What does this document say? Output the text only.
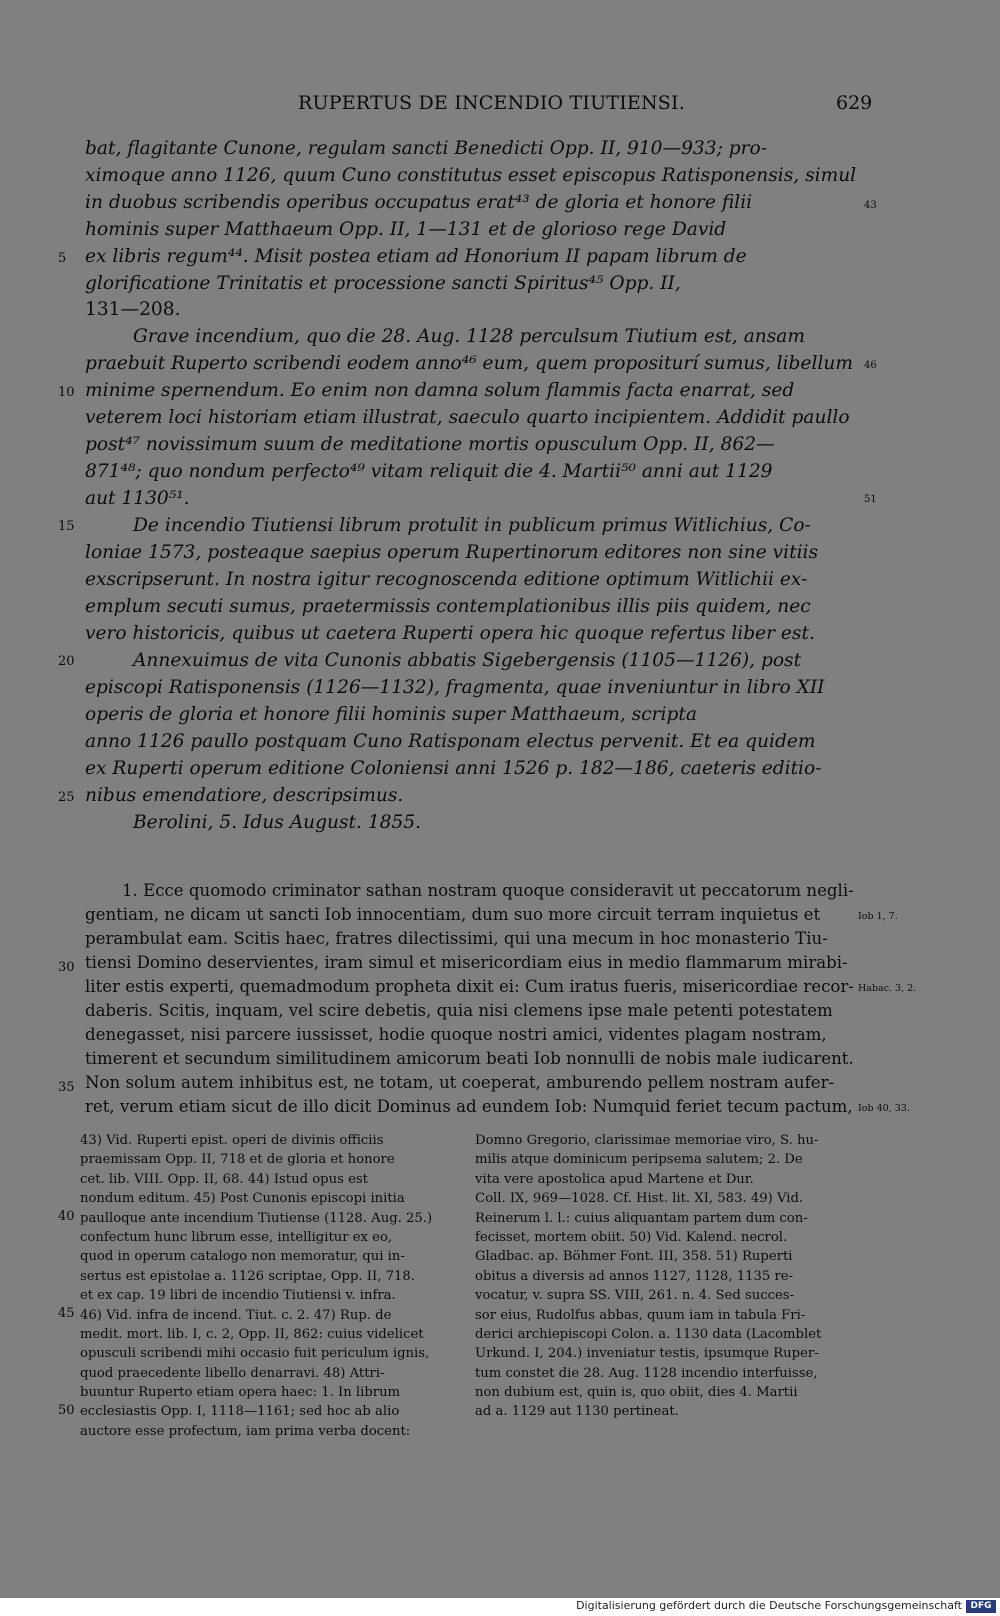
RUPERTUS DE INCENDIO TIUTIENSI.	629
bat, flagitante Cunone, regulam sancti Benedicti Opp. II, 910—933; pro-
ximoque anno 1126, quum Cuno constitutus esset episcopus Ratisponensis, simul
in duobus scribendis operibus occupatus erat⁴³ de gloria et honore filii
hominis super Matthaeum Opp. II, 1—131 et de glorioso rege David
ex libris regum⁴⁴. Misit postea etiam ad Honorium II papam librum de
glorificatione Trinitatis et processione sancti Spiritus⁴⁵ Opp. II,
131—208.
Grave incendium, quo die 28. Aug. 1128 perculsum Tiutium est, ansam
praebuit Ruperto scribendi eodem anno⁴⁶ eum, quem propositurí sumus, libellum
minime spernendum. Eo enim non damna solum flammis facta enarrat, sed
veterem loci historiam etiam illustrat, saeculo quarto incipientem. Addidit paullo
post⁴⁷ novissimum suum de meditatione mortis opusculum Opp. II, 862—
871⁴⁸; quo nondum perfecto⁴⁹ vitam reliquit die 4. Martii⁵⁰ anni aut 1129
aut 1130⁵¹.
De incendio Tiutiensi librum protulit in publicum primus Witlichius, Co-
loniae 1573, posteaque saepius operum Rupertinorum editores non sine vitiis
exscripserunt. In nostra igitur recognoscenda editione optimum Witlichii ex-
emplum secuti sumus, praetermissis contemplationibus illis piis quidem, nec
vero historicis, quibus ut caetera Ruperti opera hic quoque refertus liber est.
Annexuimus de vita Cunonis abbatis Sigebergensis (1105—1126), post
episcopi Ratisponensis (1126—1132), fragmenta, quae inveniuntur in libro XII
operis de gloria et honore filii hominis super Matthaeum, scripta
anno 1126 paullo postquam Cuno Ratisponam electus pervenit. Et ea quidem
ex Ruperti operum editione Coloniensi anni 1526 p. 182—186, caeteris editio-
nibus emendatiore, descripsimus.
Berolini, 5. Idus August. 1855.
5
10
15
20
25
43
46
51
1. Ecce quomodo criminator sathan nostram quoque consideravit ut peccatorum negli-
gentiam, ne dicam ut sancti Iob innocentiam, dum suo more circuit terram inquietus et
perambulat eam. Scitis haec, fratres dilectissimi, qui una mecum in hoc monasterio Tiu-
tiensi Domino deservientes, iram simul et misericordiam eius in medio flammarum mirabi-
liter estis experti, quemadmodum propheta dixit ei: Cum iratus fueris, misericordiae recor-
daberis. Scitis, inquam, vel scire debetis, quia nisi clemens ipse male petenti potestatem
denegasset, nisi parcere iussisset, hodie quoque nostri amici, videntes plagam nostram,
timerent et secundum similitudinem amicorum beati Iob nonnulli de nobis male iudicarent.
Non solum autem inhibitus est, ne totam, ut coeperat, amburendo pellem nostram aufer-
ret, verum etiam sicut de illo dicit Dominus ad eundem Iob: Numquid feriet tecum pactum,
30
35
Iob 1, 7.
Habac. 3, 2.
Iob 40, 33.
43) Vid. Ruperti epist. operi de divinis officiis
praemissam Opp. II, 718 et de gloria et honore
cet. lib. VIII. Opp. II, 68. 44) Istud opus est
nondum editum. 45) Post Cunonis episcopi initia
paulloque ante incendium Tiutiense (1128. Aug. 25.)
confectum hunc librum esse, intelligitur ex eo,
quod in operum catalogo non memoratur, qui in-
sertus est epistolae a. 1126 scriptae, Opp. II, 718.
et ex cap. 19 libri de incendio Tiutiensi v. infra.
46) Vid. infra de incend. Tiut. c. 2. 47) Rup. de
medit. mort. lib. I, c. 2, Opp. II, 862: cuius videlicet
opusculi scribendi mihi occasio fuit periculum ignis,
quod praecedente libello denarravi. 48) Attri-
buuntur Ruperto etiam opera haec: 1. In librum
ecclesiastis Opp. I, 1118—1161; sed hoc ab alio
auctore esse profectum, iam prima verba docent:
Domno Gregorio, clarissimae memoriae viro, S. hu-
milis atque dominicum peripsema salutem; 2. De
vita vere apostolica apud Martene et Dur.
Coll. IX, 969—1028. Cf. Hist. lit. XI, 583. 49) Vid.
Reinerum l. l.: cuius aliquantam partem dum con-
fecisset, mortem obiit. 50) Vid. Kalend. necrol.
Gladbac. ap. Böhmer Font. III, 358. 51) Ruperti
obitus a diversis ad annos 1127, 1128, 1135 re-
vocatur, v. supra SS. VIII, 261. n. 4. Sed succes-
sor eius, Rudolfus abbas, quum iam in tabula Fri-
derici archiepiscopi Colon. a. 1130 data (Lacomblet
Urkund. I, 204.) inveniatur testis, ipsumque Ruper-
tum constet die 28. Aug. 1128 incendio interfuisse,
non dubium est, quin is, quo obiit, dies 4. Martii
ad a. 1129 aut 1130 pertineat.
40
45
50
Digitalisierung gefördert durch die Deutsche Forschungsgemeinschaft DFG
